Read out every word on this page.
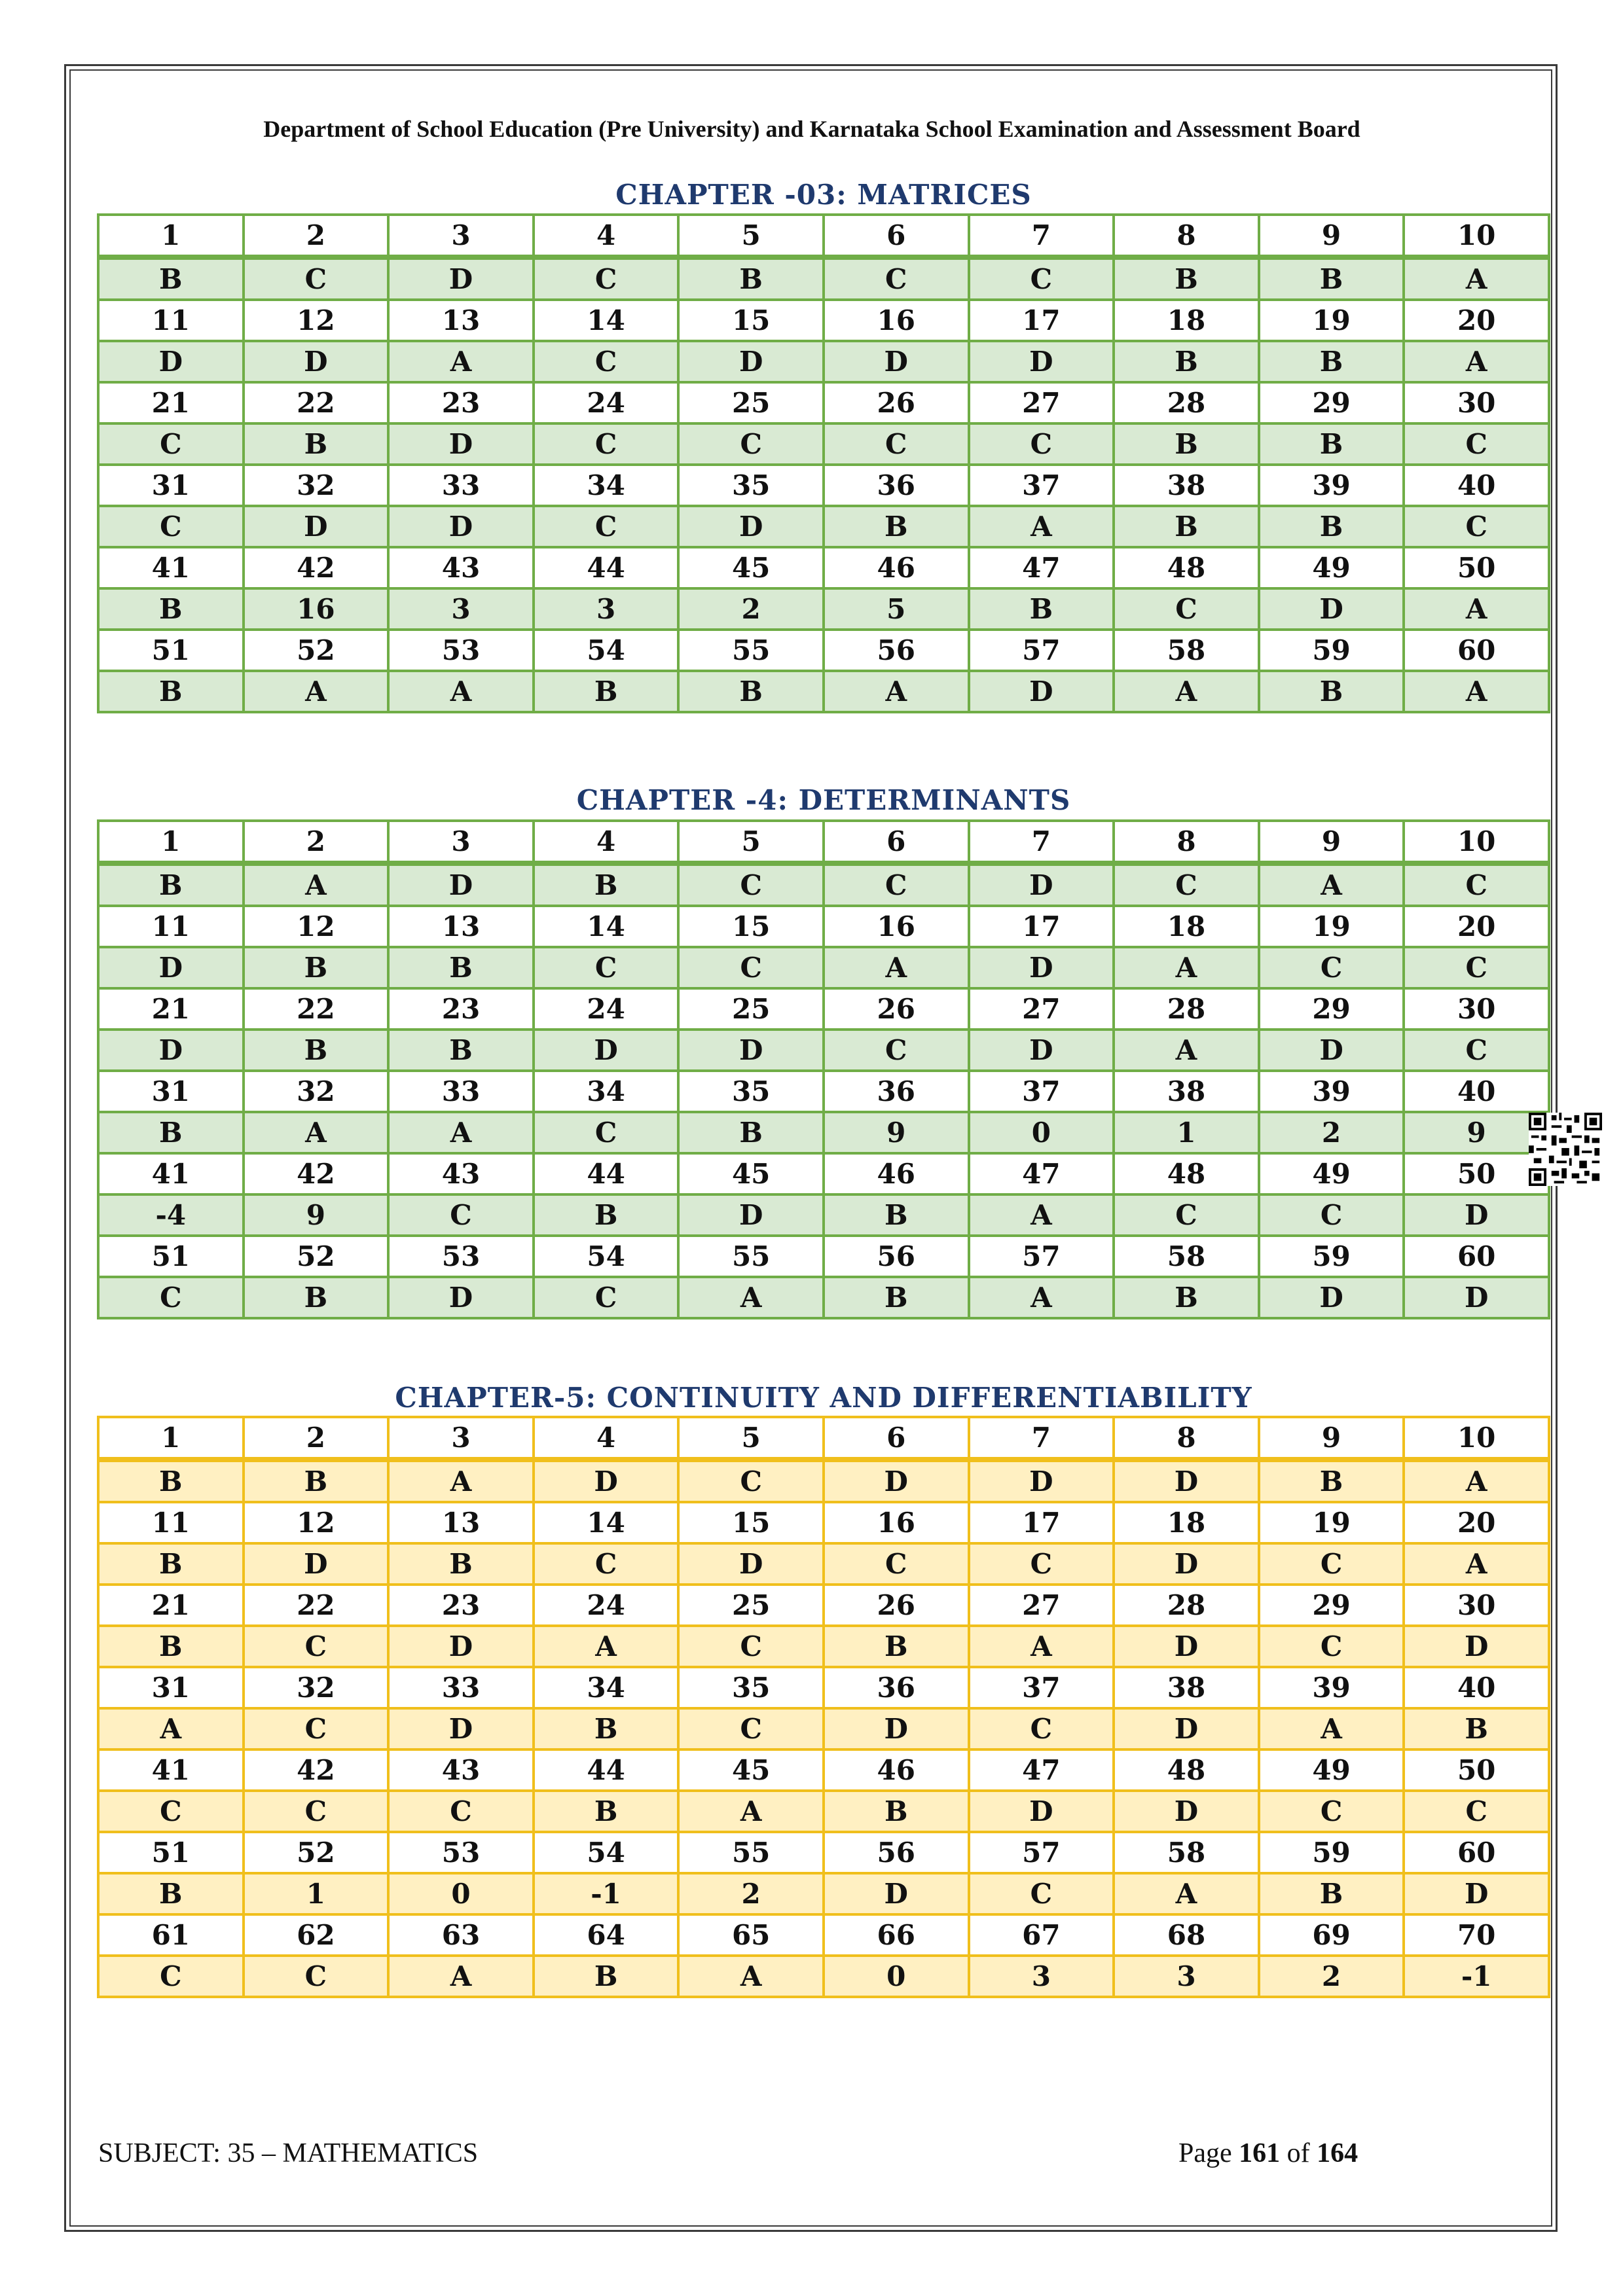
Department of School Education (Pre University) and Karnataka School Examination and Assessment Board
CHAPTER -03: MATRICES
1	2	3	4	5	6	7	8	9	10
B	C	D	C	B	C	C	B	B	A
11	12	13	14	15	16	17	18	19	20
D	D	A	C	D	D	D	B	B	A
21	22	23	24	25	26	27	28	29	30
C	B	D	C	C	C	C	B	B	C
31	32	33	34	35	36	37	38	39	40
C	D	D	C	D	B	A	B	B	C
41	42	43	44	45	46	47	48	49	50
B	16	3	3	2	5	B	C	D	A
51	52	53	54	55	56	57	58	59	60
B	A	A	B	B	A	D	A	B	A
CHAPTER -4: DETERMINANTS
1	2	3	4	5	6	7	8	9	10
B	A	D	B	C	C	D	C	A	C
11	12	13	14	15	16	17	18	19	20
D	B	B	C	C	A	D	A	C	C
21	22	23	24	25	26	27	28	29	30
D	B	B	D	D	C	D	A	D	C
31	32	33	34	35	36	37	38	39	40
B	A	A	C	B	9	0	1	2	9
41	42	43	44	45	46	47	48	49	50
-4	9	C	B	D	B	A	C	C	D
51	52	53	54	55	56	57	58	59	60
C	B	D	C	A	B	A	B	D	D
CHAPTER-5: CONTINUITY AND DIFFERENTIABILITY
1	2	3	4	5	6	7	8	9	10
B	B	A	D	C	D	D	D	B	A
11	12	13	14	15	16	17	18	19	20
B	D	B	C	D	C	C	D	C	A
21	22	23	24	25	26	27	28	29	30
B	C	D	A	C	B	A	D	C	D
31	32	33	34	35	36	37	38	39	40
A	C	D	B	C	D	C	D	A	B
41	42	43	44	45	46	47	48	49	50
C	C	C	B	A	B	D	D	C	C
51	52	53	54	55	56	57	58	59	60
B	1	0	-1	2	D	C	A	B	D
61	62	63	64	65	66	67	68	69	70
C	C	A	B	A	0	3	3	2	-1
SUBJECT: 35 – MATHEMATICS	Page 161 of 164
